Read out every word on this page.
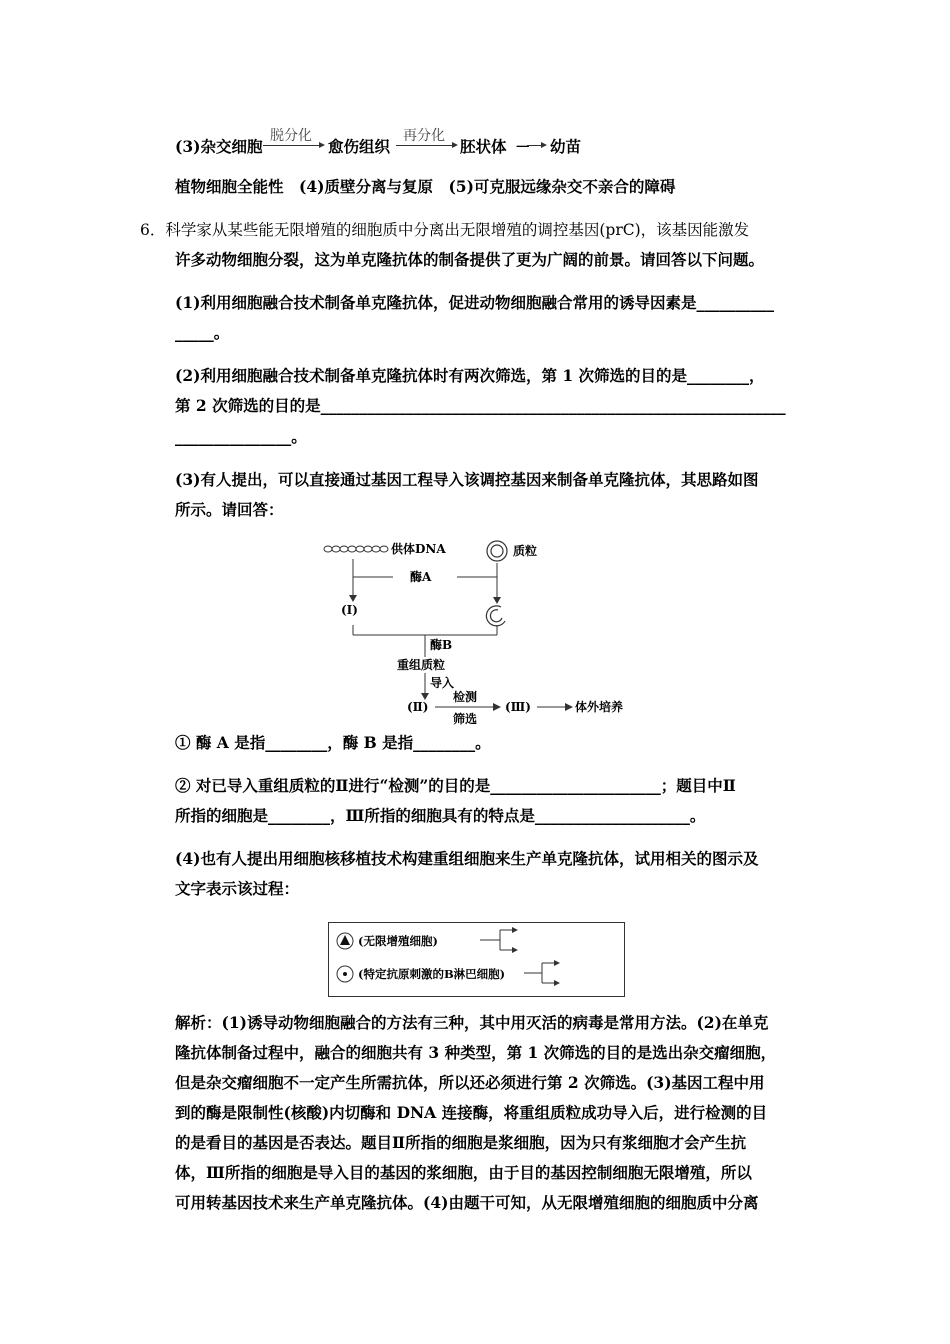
(3)杂交细胞
脱分化
愈伤组织
再分化
胚状体 － 幼苗
植物细胞全能性　(4)质壁分离与复原　(5)可克服远缘杂交不亲合的障碍
6．科学家从某些能无限增殖的细胞质中分离出无限增殖的调控基因(prC)，该基因能激发
许多动物细胞分裂，这为单克隆抗体的制备提供了更为广阔的前景。请回答以下问题。
(1)利用细胞融合技术制备单克隆抗体，促进动物细胞融合常用的诱导因素是__________
_____。
(2)利用细胞融合技术制备单克隆抗体时有两次筛选，第 1 次筛选的目的是________，
第 2 次筛选的目的是____________________________________________________________
_______________。
(3)有人提出，可以直接通过基因工程导入该调控基因来制备单克隆抗体，其思路如图
所示。请回答：
供体DNA	质粒
酶A
(Ⅰ)
酶B
重组质粒
导入
(Ⅱ)
检测
筛选
(Ⅲ)	体外培养
① 酶 A 是指________，酶 B 是指________。
② 对已导入重组质粒的Ⅱ进行“检测”的目的是______________________；题目中Ⅱ
所指的细胞是________，Ⅲ所指的细胞具有的特点是____________________。
(4)也有人提出用细胞核移植技术构建重组细胞来生产单克隆抗体，试用相关的图示及
文字表示该过程：
(无限增殖细胞)
(特定抗原刺激的B淋巴细胞)
解析：(1)诱导动物细胞融合的方法有三种，其中用灭活的病毒是常用方法。(2)在单克
隆抗体制备过程中，融合的细胞共有 3 种类型，第 1 次筛选的目的是选出杂交瘤细胞，
但是杂交瘤细胞不一定产生所需抗体，所以还必须进行第 2 次筛选。(3)基因工程中用
到的酶是限制性(核酸)内切酶和 DNA 连接酶，将重组质粒成功导入后，进行检测的目
的是看目的基因是否表达。题目Ⅱ所指的细胞是浆细胞，因为只有浆细胞才会产生抗
体，Ⅲ所指的细胞是导入目的基因的浆细胞，由于目的基因控制细胞无限增殖，所以
可用转基因技术来生产单克隆抗体。(4)由题干可知，从无限增殖细胞的细胞质中分离
